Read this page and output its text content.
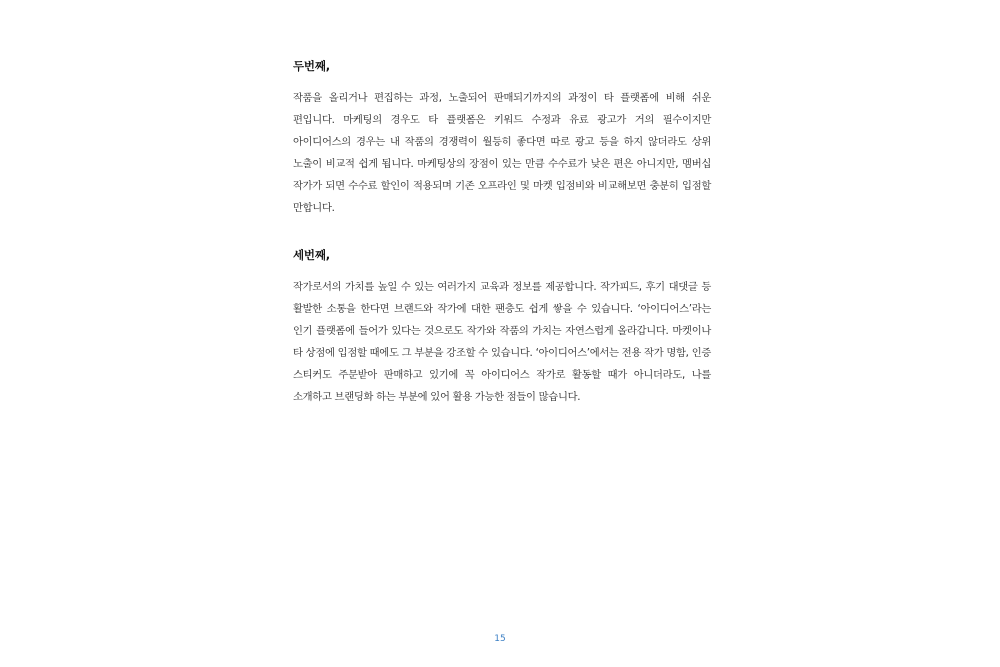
두번째,

작품을 올리거나 편집하는 과정, 노출되어 판매되기까지의 과정이 타 플랫폼에 비해 쉬운 편입니다. 마케팅의 경우도 타 플랫폼은 키워드 수정과 유료 광고가 거의 필수이지만 아이디어스의 경우는 내 작품의 경쟁력이 월등히 좋다면 따로 광고 등을 하지 않더라도 상위 노출이 비교적 쉽게 됩니다. 마케팅상의 장점이 있는 만큼 수수료가 낮은 편은 아니지만, 멤버십 작가가 되면 수수료 할인이 적용되며 기존 오프라인 및 마켓 입점비와 비교해보면 충분히 입점할 만합니다.

세번째,

작가로서의 가치를 높일 수 있는 여러가지 교육과 정보를 제공합니다. 작가피드, 후기 대댓글 등 활발한 소통을 한다면 브랜드와 작가에 대한 팬층도 쉽게 쌓을 수 있습니다. ‘아이디어스’라는 인기 플랫폼에 들어가 있다는 것으로도 작가와 작품의 가치는 자연스럽게 올라갑니다. 마켓이나 타 상점에 입점할 때에도 그 부분을 강조할 수 있습니다. ‘아이디어스’에서는 전용 작가 명함, 인증 스티커도 주문받아 판매하고 있기에 꼭 아이디어스 작가로 활동할 때가 아니더라도, 나를 소개하고 브랜딩화 하는 부분에 있어 활용 가능한 점들이 많습니다.

15
